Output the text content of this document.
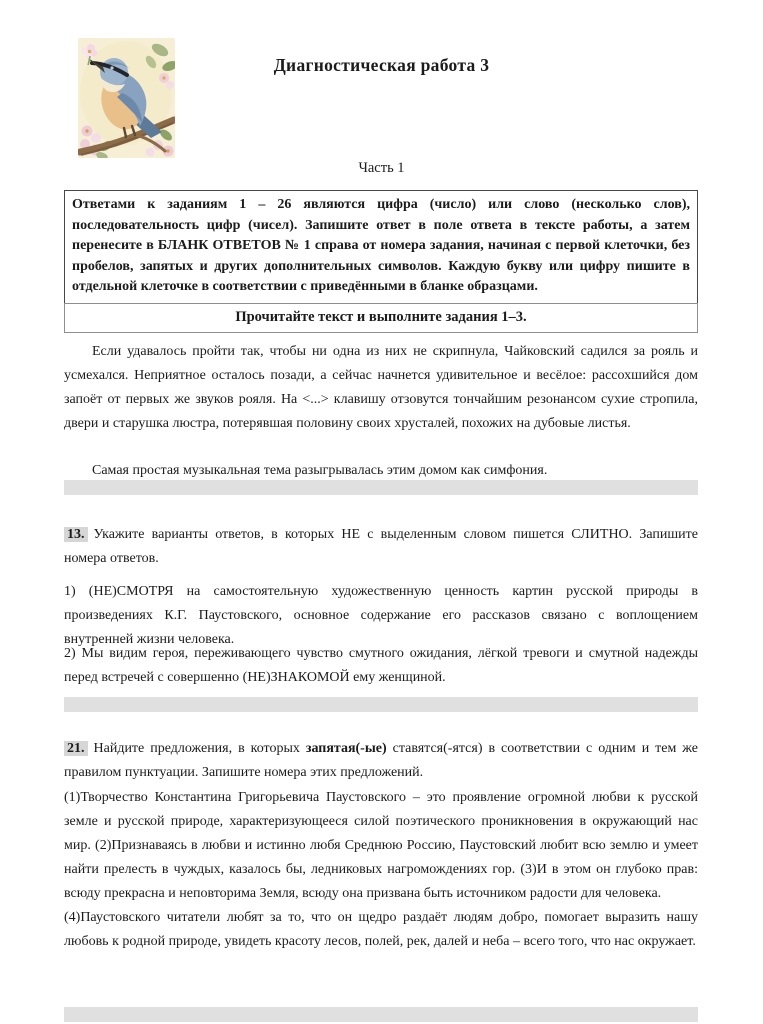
Диагностическая работа 3
Часть 1

Ответами к заданиям 1 – 26 являются цифра (число) или слово (несколько слов), последовательность цифр (чисел). Запишите ответ в поле ответа в тексте работы, а затем перенесите в БЛАНК ОТВЕТОВ № 1 справа от номера задания, начиная с первой клеточки, без пробелов, запятых и других дополнительных символов. Каждую букву или цифру пишите в отдельной клеточке в соответствии с приведёнными в бланке образцами.

Прочитайте текст и выполните задания 1–3.

Если удавалось пройти так, чтобы ни одна из них не скрипнула, Чайковский садился за рояль и усмехался. Неприятное осталось позади, а сейчас начнется удивительное и весёлое: рассохшийся дом запоёт от первых же звуков рояля. На <...> клавишу отзовутся тончайшим резонансом сухие стропила, двери и старушка люстра, потерявшая половину своих хрусталей, похожих на дубовые листья.

Самая простая музыкальная тема разыгрывалась этим домом как симфония.

13. Укажите варианты ответов, в которых НЕ с выделенным словом пишется СЛИТНО. Запишите номера ответов.

1) (НЕ)СМОТРЯ на самостоятельную художественную ценность картин русской природы в произведениях К.Г. Паустовского, основное содержание его рассказов связано с воплощением внутренней жизни человека.

2) Мы видим героя, переживающего чувство смутного ожидания, лёгкой тревоги и смутной надежды перед встречей с совершенно (НЕ)ЗНАКОМОЙ ему женщиной.

21. Найдите предложения, в которых запятая(-ые) ставятся(-ятся) в соответствии с одним и тем же правилом пунктуации. Запишите номера этих предложений.

(1)Творчество Константина Григорьевича Паустовского – это проявление огромной любви к русской земле и русской природе, характеризующееся силой поэтического проникновения в окружающий нас мир. (2)Признаваясь в любви и истинно любя Среднюю Россию, Паустовский любит всю землю и умеет найти прелесть в чуждых, казалось бы, ледниковых нагромождениях гор. (3)И в этом он глубоко прав: всюду прекрасна и неповторима Земля, всюду она призвана быть источником радости для человека.

(4)Паустовского читатели любят за то, что он щедро раздаёт людям добро, помогает выразить нашу любовь к родной природе, увидеть красоту лесов, полей, рек, далей и неба – всего того, что нас окружает.
